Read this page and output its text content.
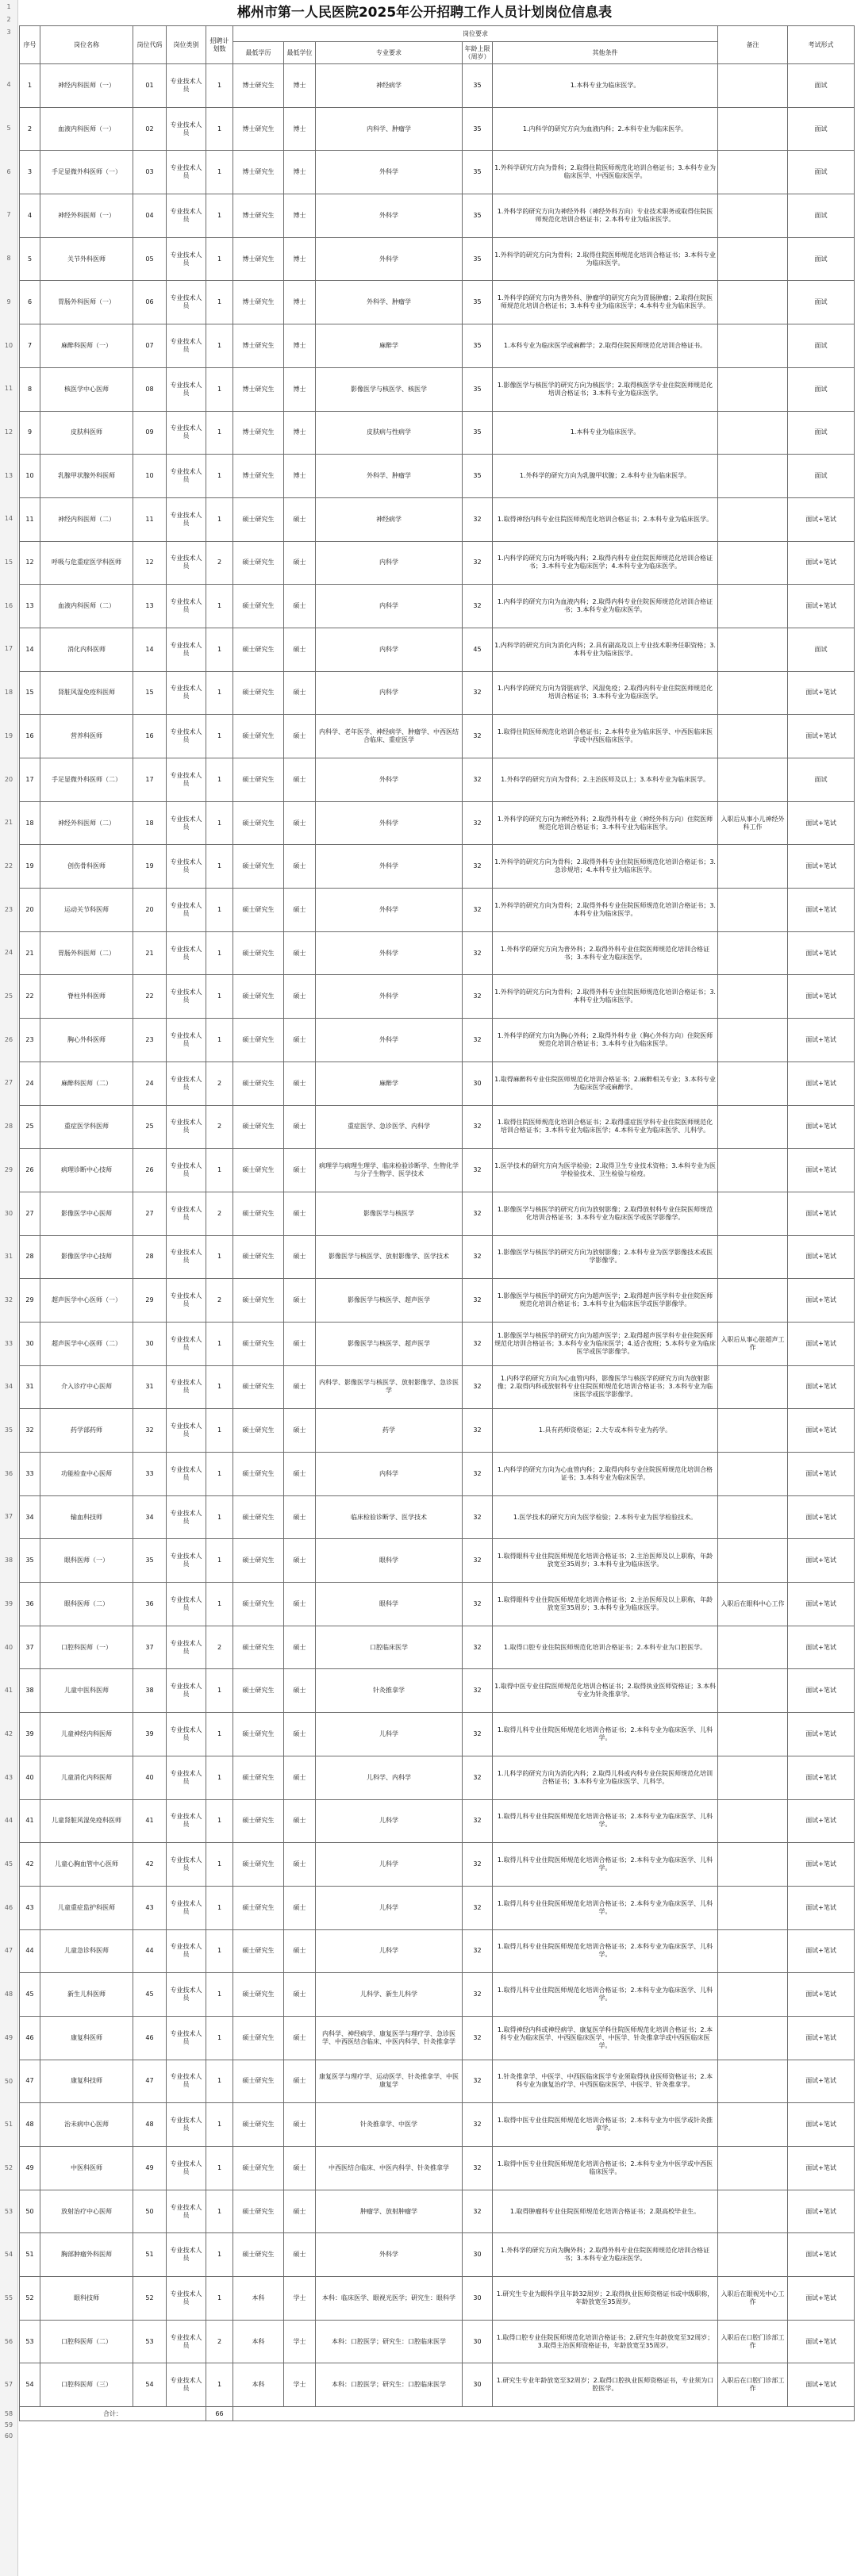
1
2
3
4
5
6
7
8
9
10
11
12
13
14
15
16
17
18
19
20
21
22
23
24
25
26
27
28
29
30
31
32
33
34
35
36
37
38
39
40
41
42
43
44
45
46
47
48
49
50
51
52
53
54
55
56
57
58
59
60
郴州市第一人民医院2025年公开招聘工作人员计划岗位信息表
序号	岗位名称	岗位代码	岗位类别	招聘计划数	岗位要求					备注	考试形式
					最低学历	最低学位	专业要求	年龄上限（周岁）	其他条件		
1	神经内科医师（一）	01	专业技术人员	1	博士研究生	博士	神经病学	35	1.本科专业为临床医学。		面试
2	血液内科医师（一）	02	专业技术人员	1	博士研究生	博士	内科学、肿瘤学	35	1.内科学的研究方向为血液内科；2.本科专业为临床医学。		面试
3	手足显微外科医师（一）	03	专业技术人员	1	博士研究生	博士	外科学	35	1.外科学研究方向为骨科；2.取得住院医师规范化培训合格证书；3.本科专业为临床医学、中西医临床医学。		面试
4	神经外科医师（一）	04	专业技术人员	1	博士研究生	博士	外科学	35	1.外科学的研究方向为神经外科（神经外科方向）专业技术职务或取得住院医师规范化培训合格证书；2.本科专业为临床医学。		面试
5	关节外科医师	05	专业技术人员	1	博士研究生	博士	外科学	35	1.外科学的研究方向为骨科；2.取得住院医师规范化培训合格证书；3.本科专业为临床医学。		面试
6	胃肠外科医师（一）	06	专业技术人员	1	博士研究生	博士	外科学、肿瘤学	35	1.外科学的研究方向为普外科、肿瘤学的研究方向为胃肠肿瘤；2.取得住院医师规范化培训合格证书；3.本科专业为临床医学；4.本科专业为临床医学。		面试
7	麻醉科医师（一）	07	专业技术人员	1	博士研究生	博士	麻醉学	35	1.本科专业为临床医学或麻醉学；2.取得住院医师规范化培训合格证书。		面试
8	核医学中心医师	08	专业技术人员	1	博士研究生	博士	影像医学与核医学、核医学	35	1.影像医学与核医学的研究方向为核医学；2.取得核医学专业住院医师规范化培训合格证书；3.本科专业为临床医学。		面试
9	皮肤科医师	09	专业技术人员	1	博士研究生	博士	皮肤病与性病学	35	1.本科专业为临床医学。		面试
10	乳腺甲状腺外科医师	10	专业技术人员	1	博士研究生	博士	外科学、肿瘤学	35	1.外科学的研究方向为乳腺甲状腺；2.本科专业为临床医学。		面试
11	神经内科医师（二）	11	专业技术人员	1	硕士研究生	硕士	神经病学	32	1.取得神经内科专业住院医师规范化培训合格证书；2.本科专业为临床医学。		面试+笔试
12	呼吸与危重症医学科医师	12	专业技术人员	2	硕士研究生	硕士	内科学	32	1.内科学的研究方向为呼吸内科；2.取得内科专业住院医师规范化培训合格证书；3.本科专业为临床医学；4.本科专业为临床医学。		面试+笔试
13	血液内科医师（二）	13	专业技术人员	1	硕士研究生	硕士	内科学	32	1.内科学的研究方向为血液内科；2.取得内科专业住院医师规范化培训合格证书；3.本科专业为临床医学。		面试+笔试
14	消化内科医师	14	专业技术人员	1	硕士研究生	硕士	内科学	45	1.内科学的研究方向为消化内科；2.具有副高及以上专业技术职务任职资格；3.本科专业为临床医学。		面试
15	肾脏风湿免疫科医师	15	专业技术人员	1	硕士研究生	硕士	内科学	32	1.内科学的研究方向为肾脏病学、风湿免疫；2.取得内科专业住院医师规范化培训合格证书；3.本科专业为临床医学。		面试+笔试
16	营养科医师	16	专业技术人员	1	硕士研究生	硕士	内科学、老年医学、神经病学、肿瘤学、中西医结合临床、重症医学	32	1.取得住院医师规范化培训合格证书；2.本科专业为临床医学、中西医临床医学或中西医临床医学。		面试+笔试
17	手足显微外科医师（二）	17	专业技术人员	1	硕士研究生	硕士	外科学	32	1.外科学的研究方向为骨科；2.主治医师及以上；3.本科专业为临床医学。		面试
18	神经外科医师（二）	18	专业技术人员	1	硕士研究生	硕士	外科学	32	1.外科学的研究方向为神经外科；2.取得外科专业（神经外科方向）住院医师规范化培训合格证书；3.本科专业为临床医学。	入职后从事小儿神经外科工作	面试+笔试
19	创伤骨科医师	19	专业技术人员	1	硕士研究生	硕士	外科学	32	1.外科学的研究方向为骨科；2.取得外科专业住院医师规范化培训合格证书；3.急诊规培；4.本科专业为临床医学。		面试+笔试
20	运动关节科医师	20	专业技术人员	1	硕士研究生	硕士	外科学	32	1.外科学的研究方向为骨科；2.取得外科专业住院医师规范化培训合格证书；3.本科专业为临床医学。		面试+笔试
21	胃肠外科医师（二）	21	专业技术人员	1	硕士研究生	硕士	外科学	32	1.外科学的研究方向为普外科；2.取得外科专业住院医师规范化培训合格证书；3.本科专业为临床医学。		面试+笔试
22	脊柱外科医师	22	专业技术人员	1	硕士研究生	硕士	外科学	32	1.外科学的研究方向为骨科；2.取得外科专业住院医师规范化培训合格证书；3.本科专业为临床医学。		面试+笔试
23	胸心外科医师	23	专业技术人员	1	硕士研究生	硕士	外科学	32	1.外科学的研究方向为胸心外科；2.取得外科专业（胸心外科方向）住院医师规范化培训合格证书；3.本科专业为临床医学。		面试+笔试
24	麻醉科医师（二）	24	专业技术人员	2	硕士研究生	硕士	麻醉学	30	1.取得麻醉科专业住院医师规范化培训合格证书；2.麻醉相关专业；3.本科专业为临床医学或麻醉学。		面试+笔试
25	重症医学科医师	25	专业技术人员	2	硕士研究生	硕士	重症医学、急诊医学、内科学	32	1.取得住院医师规范化培训合格证书；2.取得重症医学科专业住院医师规范化培训合格证书；3.本科专业为临床医学；4.本科专业为临床医学、儿科学。		面试+笔试
26	病理诊断中心技师	26	专业技术人员	1	硕士研究生	硕士	病理学与病理生理学、临床检验诊断学、生物化学与分子生物学、医学技术	32	1.医学技术的研究方向为医学检验；2.取得卫生专业技术资格；3.本科专业为医学检验技术、卫生检验与检疫。		面试+笔试
27	影像医学中心医师	27	专业技术人员	2	硕士研究生	硕士	影像医学与核医学	32	1.影像医学与核医学的研究方向为放射影像；2.取得放射科专业住院医师规范化培训合格证书；3.本科专业为临床医学或医学影像学。		面试+笔试
28	影像医学中心技师	28	专业技术人员	1	硕士研究生	硕士	影像医学与核医学、放射影像学、医学技术	32	1.影像医学与核医学的研究方向为放射影像；2.本科专业为医学影像技术或医学影像学。		面试+笔试
29	超声医学中心医师（一）	29	专业技术人员	2	硕士研究生	硕士	影像医学与核医学、超声医学	32	1.影像医学与核医学的研究方向为超声医学；2.取得超声医学科专业住院医师规范化培训合格证书；3.本科专业为临床医学或医学影像学。		面试+笔试
30	超声医学中心医师（二）	30	专业技术人员	1	硕士研究生	硕士	影像医学与核医学、超声医学	32	1.影像医学与核医学的研究方向为超声医学；2.取得超声医学科专业住院医师规范化培训合格证书；3.本科专业为临床医学；4.适合夜班；5.本科专业为临床医学或医学影像学。	入职后从事心脏超声工作	面试+笔试
31	介入诊疗中心医师	31	专业技术人员	1	硕士研究生	硕士	内科学、影像医学与核医学、放射影像学、急诊医学	32	1.内科学的研究方向为心血管内科，影像医学与核医学的研究方向为放射影像；2.取得内科或放射科专业住院医师规范化培训合格证书；3.本科专业为临床医学或医学影像学。		面试+笔试
32	药学部药师	32	专业技术人员	1	硕士研究生	硕士	药学	32	1.具有药师资格证；2.大专或本科专业为药学。		面试+笔试
33	功能检查中心医师	33	专业技术人员	1	硕士研究生	硕士	内科学	32	1.内科学的研究方向为心血管内科；2.取得内科专业住院医师规范化培训合格证书；3.本科专业为临床医学。		面试+笔试
34	输血科技师	34	专业技术人员	1	硕士研究生	硕士	临床检验诊断学、医学技术	32	1.医学技术的研究方向为医学检验；2.本科专业为医学检验技术。		面试+笔试
35	眼科医师（一）	35	专业技术人员	1	硕士研究生	硕士	眼科学	32	1.取得眼科专业住院医师规范化培训合格证书；2.主治医师及以上职称，年龄放宽至35周岁；3.本科专业为临床医学。		面试+笔试
36	眼科医师（二）	36	专业技术人员	1	硕士研究生	硕士	眼科学	32	1.取得眼科专业住院医师规范化培训合格证书；2.主治医师及以上职称，年龄放宽至35周岁；3.本科专业为临床医学。	入职后在眼科中心工作	面试+笔试
37	口腔科医师（一）	37	专业技术人员	2	硕士研究生	硕士	口腔临床医学	32	1.取得口腔专业住院医师规范化培训合格证书；2.本科专业为口腔医学。		面试+笔试
38	儿童中医科医师	38	专业技术人员	1	硕士研究生	硕士	针灸推拿学	32	1.取得中医专业住院医师规范化培训合格证书；2.取得执业医师资格证；3.本科专业为针灸推拿学。		面试+笔试
39	儿童神经内科医师	39	专业技术人员	1	硕士研究生	硕士	儿科学	32	1.取得儿科专业住院医师规范化培训合格证书；2.本科专业为临床医学、儿科学。		面试+笔试
40	儿童消化内科医师	40	专业技术人员	1	硕士研究生	硕士	儿科学、内科学	32	1.儿科学的研究方向为消化内科；2.取得儿科或内科专业住院医师规范化培训合格证书；3.本科专业为临床医学、儿科学。		面试+笔试
41	儿童肾脏风湿免疫科医师	41	专业技术人员	1	硕士研究生	硕士	儿科学	32	1.取得儿科专业住院医师规范化培训合格证书；2.本科专业为临床医学、儿科学。		面试+笔试
42	儿童心胸血管中心医师	42	专业技术人员	1	硕士研究生	硕士	儿科学	32	1.取得儿科专业住院医师规范化培训合格证书；2.本科专业为临床医学、儿科学。		面试+笔试
43	儿童重症监护科医师	43	专业技术人员	1	硕士研究生	硕士	儿科学	32	1.取得儿科专业住院医师规范化培训合格证书；2.本科专业为临床医学、儿科学。		面试+笔试
44	儿童急诊科医师	44	专业技术人员	1	硕士研究生	硕士	儿科学	32	1.取得儿科专业住院医师规范化培训合格证书；2.本科专业为临床医学、儿科学。		面试+笔试
45	新生儿科医师	45	专业技术人员	1	硕士研究生	硕士	儿科学、新生儿科学	32	1.取得儿科专业住院医师规范化培训合格证书；2.本科专业为临床医学、儿科学。		面试+笔试
46	康复科医师	46	专业技术人员	1	硕士研究生	硕士	内科学、神经病学、康复医学与理疗学、急诊医学、中西医结合临床、中医内科学、针灸推拿学	32	1.取得神经内科或神经病学、康复医学科住院医师规范化培训合格证书；2.本科专业为临床医学、中西医临床医学、中医学、针灸推拿学或中西医临床医学。		面试+笔试
47	康复科技师	47	专业技术人员	1	硕士研究生	硕士	康复医学与理疗学、运动医学、针灸推拿学、中医康复学	32	1.针灸推拿学、中医学、中西医临床医学专业须取得执业医师资格证书；2.本科专业为康复治疗学、中西医临床医学、中医学、针灸推拿学。		面试+笔试
48	治未病中心医师	48	专业技术人员	1	硕士研究生	硕士	针灸推拿学、中医学	32	1.取得中医专业住院医师规范化培训合格证书；2.本科专业为中医学或针灸推拿学。		面试+笔试
49	中医科医师	49	专业技术人员	1	硕士研究生	硕士	中西医结合临床、中医内科学、针灸推拿学	32	1.取得中医专业住院医师规范化培训合格证书；2.本科专业为中医学或中西医临床医学。		面试+笔试
50	放射治疗中心医师	50	专业技术人员	1	硕士研究生	硕士	肿瘤学、放射肿瘤学	32	1.取得肿瘤科专业住院医师规范化培训合格证书；2.限高校毕业生。		面试+笔试
51	胸部肿瘤外科医师	51	专业技术人员	1	硕士研究生	硕士	外科学	30	1.外科学的研究方向为胸外科；2.取得外科专业住院医师规范化培训合格证书；3.本科专业为临床医学。		面试+笔试
52	眼科技师	52	专业技术人员	1	本科	学士	本科：临床医学、眼视光医学；研究生：眼科学	30	1.研究生专业为眼科学且年龄32周岁；2.取得执业医师资格证书或中级职称，年龄放宽至35周岁。	入职后在眼视光中心工作	面试+笔试
53	口腔科医师（二）	53	专业技术人员	2	本科	学士	本科：口腔医学；研究生：口腔临床医学	30	1.取得口腔专业住院医师规范化培训合格证书；2.研究生年龄放宽至32周岁；3.取得主治医师资格证书，年龄放宽至35周岁。	入职后在口腔门诊部工作	面试+笔试
54	口腔科医师（三）	54	专业技术人员	1	本科	学士	本科：口腔医学；研究生：口腔临床医学	30	1.研究生专业年龄放宽至32周岁；2.取得口腔执业医师资格证书，专业须为口腔医学。	入职后在口腔门诊部工作	面试+笔试
合计：				66							
